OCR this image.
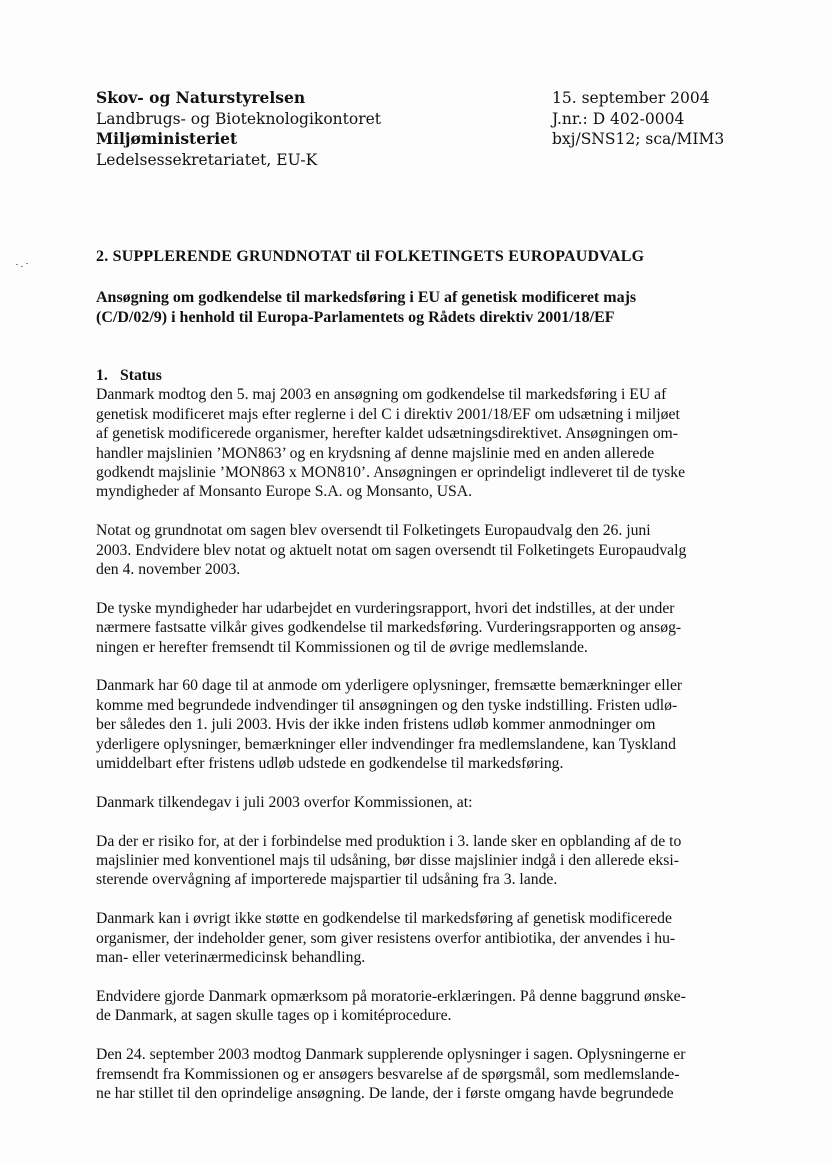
Skov- og Naturstyrelsen
Landbrugs- og Bioteknologikontoret
Miljøministeriet
Ledelsessekretariatet, EU-K
15. september 2004
J.nr.: D 402-0004
bxj/SNS12; sca/MIM3
2. SUPPLERENDE GRUNDNOTAT til FOLKETINGETS EUROPAUDVALG
Ansøgning om godkendelse til markedsføring i EU af genetisk modificeret majs
(C/D/02/9) i henhold til Europa-Parlamentets og Rådets direktiv 2001/18/EF
1. Status
Danmark modtog den 5. maj 2003 en ansøgning om godkendelse til markedsføring i EU af
genetisk modificeret majs efter reglerne i del C i direktiv 2001/18/EF om udsætning i miljøet
af genetisk modificerede organismer, herefter kaldet udsætningsdirektivet. Ansøgningen om-
handler majslinien ’MON863’ og en krydsning af denne majslinie med en anden allerede
godkendt majslinie ’MON863 x MON810’. Ansøgningen er oprindeligt indleveret til de tyske
myndigheder af Monsanto Europe S.A. og Monsanto, USA.
Notat og grundnotat om sagen blev oversendt til Folketingets Europaudvalg den 26. juni
2003. Endvidere blev notat og aktuelt notat om sagen oversendt til Folketingets Europaudvalg
den 4. november 2003.
De tyske myndigheder har udarbejdet en vurderingsrapport, hvori det indstilles, at der under
nærmere fastsatte vilkår gives godkendelse til markedsføring. Vurderingsrapporten og ansøg-
ningen er herefter fremsendt til Kommissionen og til de øvrige medlemslande.
Danmark har 60 dage til at anmode om yderligere oplysninger, fremsætte bemærkninger eller
komme med begrundede indvendinger til ansøgningen og den tyske indstilling. Fristen udlø-
ber således den 1. juli 2003. Hvis der ikke inden fristens udløb kommer anmodninger om
yderligere oplysninger, bemærkninger eller indvendinger fra medlemslandene, kan Tyskland
umiddelbart efter fristens udløb udstede en godkendelse til markedsføring.
Danmark tilkendegav i juli 2003 overfor Kommissionen, at:
Da der er risiko for, at der i forbindelse med produktion i 3. lande sker en opblanding af de to
majslinier med konventionel majs til udsåning, bør disse majslinier indgå i den allerede eksi-
sterende overvågning af importerede majspartier til udsåning fra 3. lande.
Danmark kan i øvrigt ikke støtte en godkendelse til markedsføring af genetisk modificerede
organismer, der indeholder gener, som giver resistens overfor antibiotika, der anvendes i hu-
man- eller veterinærmedicinsk behandling.
Endvidere gjorde Danmark opmærksom på moratorie-erklæringen. På denne baggrund ønske-
de Danmark, at sagen skulle tages op i komitéprocedure.
Den 24. september 2003 modtog Danmark supplerende oplysninger i sagen. Oplysningerne er
fremsendt fra Kommissionen og er ansøgers besvarelse af de spørgsmål, som medlemslande-
ne har stillet til den oprindelige ansøgning. De lande, der i første omgang havde begrundede
